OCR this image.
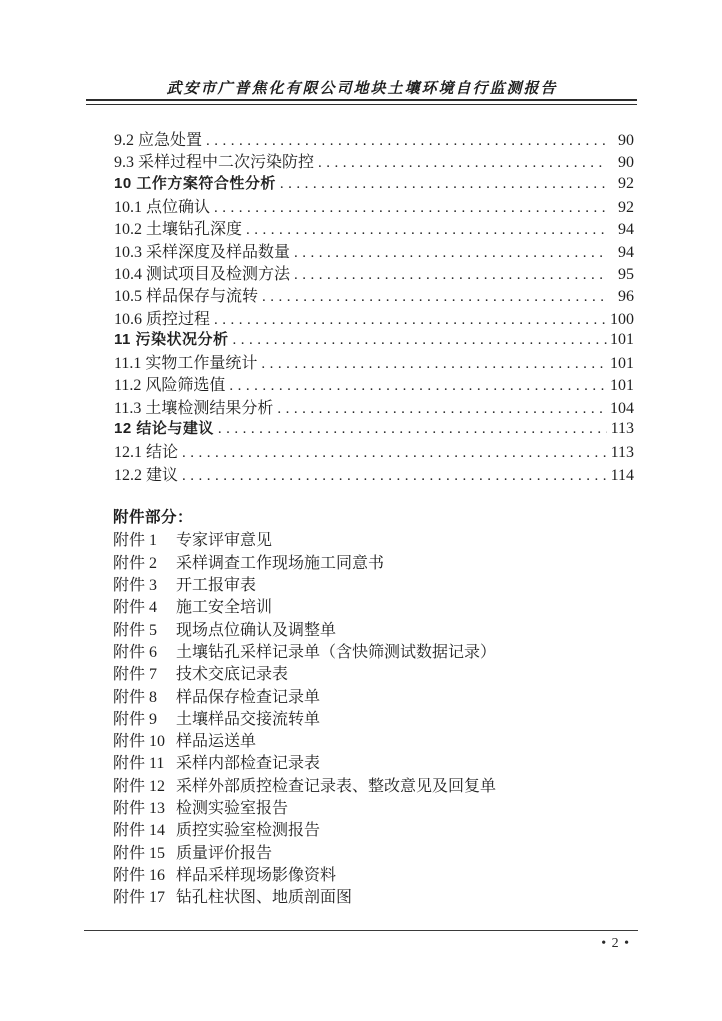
武安市广普焦化有限公司地块土壤环境自行监测报告
9.2 应急处置 .....	90
9.3 采样过程中二次污染防控 .....	90
10 工作方案符合性分析 .....	92
10.1 点位确认 .....	92
10.2 土壤钻孔深度 .....	94
10.3 采样深度及样品数量 .....	94
10.4 测试项目及检测方法 .....	95
10.5 样品保存与流转 .....	96
10.6 质控过程 .....	100
11 污染状况分析 .....	101
11.1 实物工作量统计 .....	101
11.2 风险筛选值 .....	101
11.3 土壤检测结果分析 .....	104
12 结论与建议 .....	113
12.1 结论 .....	113
12.2 建议 .....	114
附件部分：
附件 1	专家评审意见
附件 2	采样调查工作现场施工同意书
附件 3	开工报审表
附件 4	施工安全培训
附件 5	现场点位确认及调整单
附件 6	土壤钻孔采样记录单（含快筛测试数据记录）
附件 7	技术交底记录表
附件 8	样品保存检查记录单
附件 9	土壤样品交接流转单
附件 10 样品运送单
附件 11 采样内部检查记录表
附件 12 采样外部质控检查记录表、整改意见及回复单
附件 13 检测实验室报告
附件 14 质控实验室检测报告
附件 15 质量评价报告
附件 16 样品采样现场影像资料
附件 17 钻孔柱状图、地质剖面图
• 2 •
